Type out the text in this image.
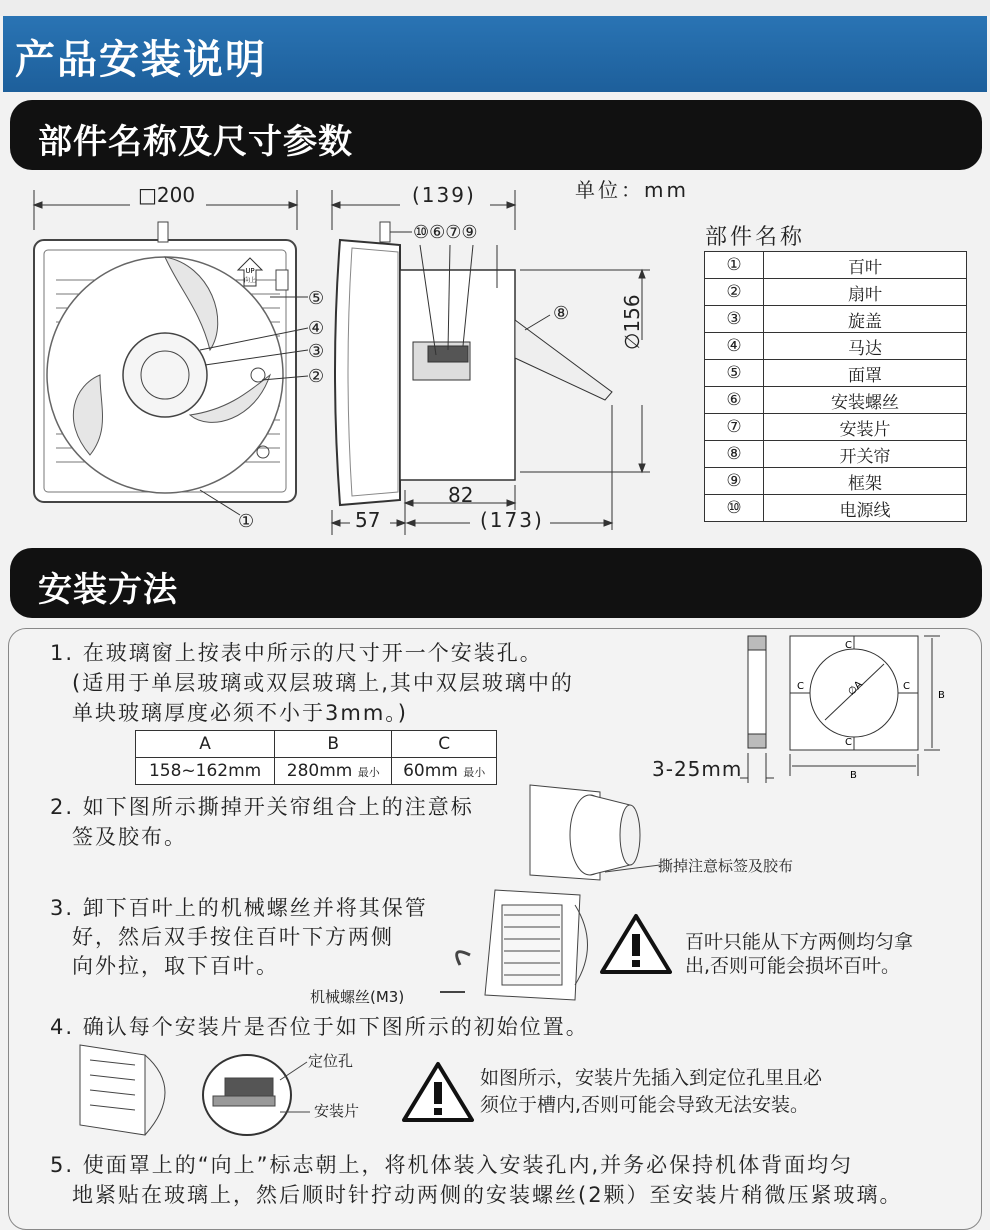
产品安装说明
部件名称及尺寸参数
UP
向上
□200	(139)	单位：mm
⑩⑥⑦⑨
⑤
④
③
②
①
⑧	∅156
82
57	(173)
部件名称
①	百叶
②	扇叶
③	旋盖
④	马达
⑤	面罩
⑥	安装螺丝
⑦	安装片
⑧	开关帘
⑨	框架
⑩	电源线
安装方法
1. 在玻璃窗上按表中所示的尺寸开一个安装孔。
(适用于单层玻璃或双层玻璃上,其中双层玻璃中的
单块玻璃厚度必须不小于3mm。)
A	B	C
158~162mm	280mm 最小	60mm 最小
C
C
C	C
∅A	B
B
3-25mm
2. 如下图所示撕掉开关帘组合上的注意标
签及胶布。
撕掉注意标签及胶布
3. 卸下百叶上的机械螺丝并将其保管
好，然后双手按住百叶下方两侧
向外拉，取下百叶。
机械螺丝(M3)
百叶只能从下方两侧均匀拿
出,否则可能会损坏百叶。
4. 确认每个安装片是否位于如下图所示的初始位置。
定位孔
安装片
如图所示，安装片先插入到定位孔里且必
须位于槽内,否则可能会导致无法安装。
5. 使面罩上的“向上”标志朝上，将机体装入安装孔内,并务必保持机体背面均匀
地紧贴在玻璃上，然后顺时针拧动两侧的安装螺丝(2颗）至安装片稍微压紧玻璃。
